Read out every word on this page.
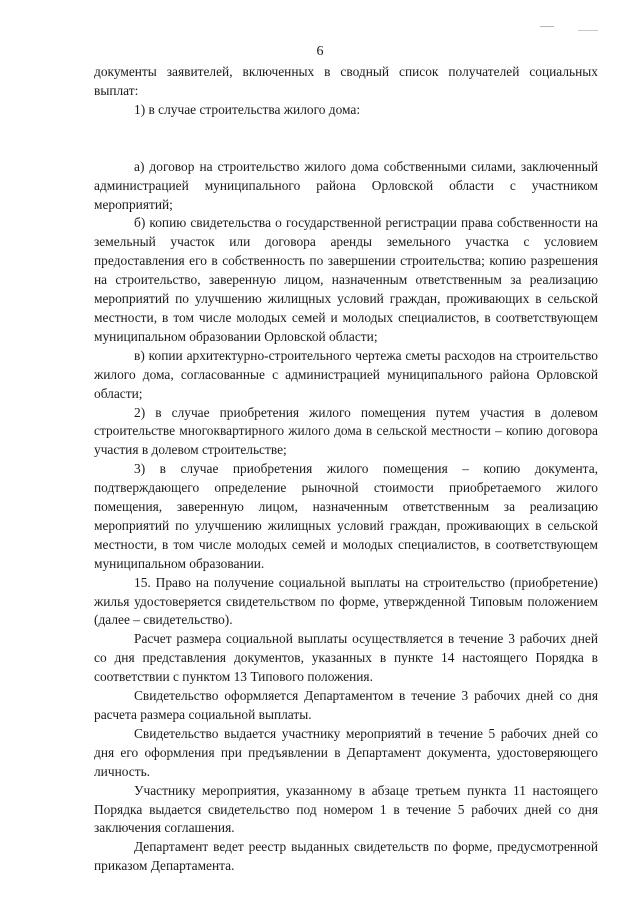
6

документы заявителей, включенных в сводный список получателей социальных выплат:

1) в случае строительства жилого дома:

а) договор на строительство жилого дома собственными силами, заключенный администрацией муниципального района Орловской области с участником мероприятий;

б) копию свидетельства о государственной регистрации права собственности на земельный участок или договора аренды земельного участка с условием предоставления его в собственность по завершении строительства; копию разрешения на строительство, заверенную лицом, назначенным ответственным за реализацию мероприятий по улучшению жилищных условий граждан, проживающих в сельской местности, в том числе молодых семей и молодых специалистов, в соответствующем муниципальном образовании Орловской области;

в) копии архитектурно-строительного чертежа сметы расходов на строительство жилого дома, согласованные с администрацией муниципального района Орловской области;

2) в случае приобретения жилого помещения путем участия в долевом строительстве многоквартирного жилого дома в сельской местности – копию договора участия в долевом строительстве;

3) в случае приобретения жилого помещения – копию документа, подтверждающего определение рыночной стоимости приобретаемого жилого помещения, заверенную лицом, назначенным ответственным за реализацию мероприятий по улучшению жилищных условий граждан, проживающих в сельской местности, в том числе молодых семей и молодых специалистов, в соответствующем муниципальном образовании.

15. Право на получение социальной выплаты на строительство (приобретение) жилья удостоверяется свидетельством по форме, утвержденной Типовым положением (далее – свидетельство).

Расчет размера социальной выплаты осуществляется в течение 3 рабочих дней со дня представления документов, указанных в пункте 14 настоящего Порядка в соответствии с пунктом 13 Типового положения.

Свидетельство оформляется Департаментом в течение 3 рабочих дней со дня расчета размера социальной выплаты.

Свидетельство выдается участнику мероприятий в течение 5 рабочих дней со дня его оформления при предъявлении в Департамент документа, удостоверяющего личность.

Участнику мероприятия, указанному в абзаце третьем пункта 11 настоящего Порядка выдается свидетельство под номером 1 в течение 5 рабочих дней со дня заключения соглашения.

Департамент ведет реестр выданных свидетельств по форме, предусмотренной приказом Департамента.
